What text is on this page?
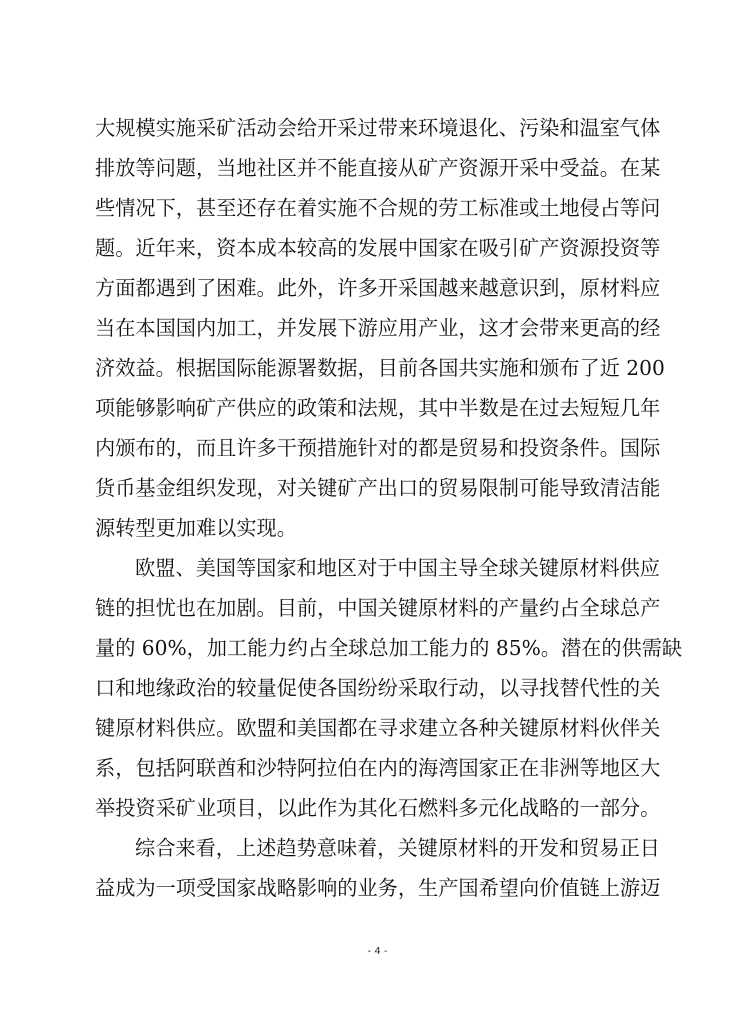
大规模实施采矿活动会给开采过带来环境退化、污染和温室气体
排放等问题，当地社区并不能直接从矿产资源开采中受益。在某
些情况下，甚至还存在着实施不合规的劳工标准或土地侵占等问
题。近年来，资本成本较高的发展中国家在吸引矿产资源投资等
方面都遇到了困难。此外，许多开采国越来越意识到，原材料应
当在本国国内加工，并发展下游应用产业，这才会带来更高的经
济效益。根据国际能源署数据，目前各国共实施和颁布了近 200
项能够影响矿产供应的政策和法规，其中半数是在过去短短几年
内颁布的，而且许多干预措施针对的都是贸易和投资条件。国际
货币基金组织发现，对关键矿产出口的贸易限制可能导致清洁能
源转型更加难以实现。
欧盟、美国等国家和地区对于中国主导全球关键原材料供应
链的担忧也在加剧。目前，中国关键原材料的产量约占全球总产
量的 60%，加工能力约占全球总加工能力的 85%。潜在的供需缺
口和地缘政治的较量促使各国纷纷采取行动，以寻找替代性的关
键原材料供应。欧盟和美国都在寻求建立各种关键原材料伙伴关
系，包括阿联酋和沙特阿拉伯在内的海湾国家正在非洲等地区大
举投资采矿业项目，以此作为其化石燃料多元化战略的一部分。
综合来看，上述趋势意味着，关键原材料的开发和贸易正日
益成为一项受国家战略影响的业务，生产国希望向价值链上游迈
- 4 -
